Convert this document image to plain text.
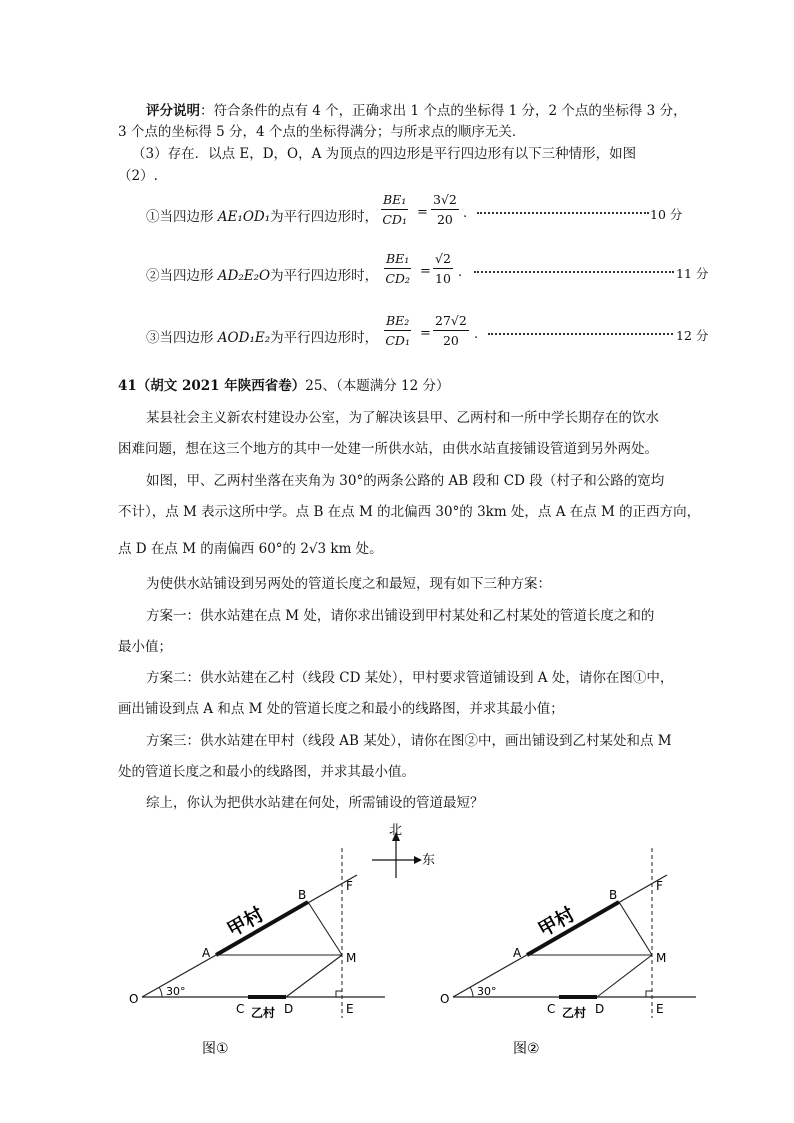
评分说明：符合条件的点有 4 个，正确求出 1 个点的坐标得 1 分，2 个点的坐标得 3 分，
3 个点的坐标得 5 分，4 个点的坐标得满分；与所求点的顺序无关．
（3）存在．以点 E，D，O，A 为顶点的四边形是平行四边形有以下三种情形，如图
（2）.
①当四边形 AE₁OD₁为平行四边形时， $\frac{\text{BE₁}}{\text{CD₁}} = \frac{3√2}{20}$ .	10 分
②当四边形 AD₂E₂O为平行四边形时， $\frac{\text{BE₁}}{\text{CD₂}} = \frac{√2}{10}$ .	11 分
③当四边形 AOD₁E₂为平行四边形时， $\frac{\text{BE₂}}{\text{CD₁}} = \frac{27√2}{20}$ .	12 分
41（胡文 2021 年陕西省卷）25、（本题满分 12 分）
某县社会主义新农村建设办公室，为了解决该县甲、乙两村和一所中学长期存在的饮水
困难问题，想在这三个地方的其中一处建一所供水站，由供水站直接铺设管道到另外两处。
如图，甲、乙两村坐落在夹角为 30°的两条公路的 AB 段和 CD 段（村子和公路的宽均
不计），点 M 表示这所中学。点 B 在点 M 的北偏西 30°的 3km 处，点 A 在点 M 的正西方向，
点 D 在点 M 的南偏西 60°的 2√3 km 处。
为使供水站铺设到另两处的管道长度之和最短，现有如下三种方案：
方案一：供水站建在点 M 处，请你求出铺设到甲村某处和乙村某处的管道长度之和的
最小值；
方案二：供水站建在乙村（线段 CD 某处），甲村要求管道铺设到 A 处，请你在图①中，
画出铺设到点 A 和点 M 处的管道长度之和最小的线路图，并求其最小值；
方案三：供水站建在甲村（线段 AB 某处），请你在图②中，画出铺设到乙村某处和点 M
处的管道长度之和最小的线路图，并求其最小值。
综上，你认为把供水站建在何处，所需铺设的管道最短？
北
东
O
30°
A
B
F
M
C	D	E
甲村
乙村
O
30°
A
B
F
M
C	D	E
甲村
乙村
图①	图②
